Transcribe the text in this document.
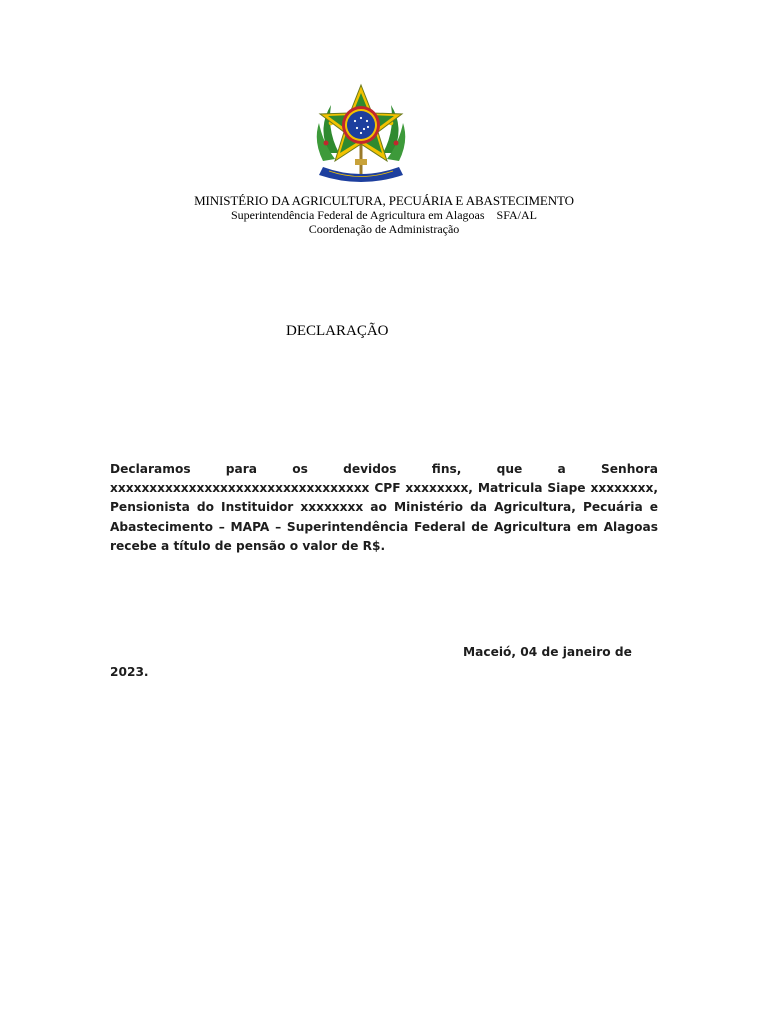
MINISTÉRIO DA AGRICULTURA, PECUÁRIA E ABASTECIMENTO
Superintendência Federal de Agricultura em Alagoas    SFA/AL
Coordenação de Administração
DECLARAÇÃO
Declaramos para os devidos fins, que a Senhora xxxxxxxxxxxxxxxxxxxxxxxxxxxxxxxxx CPF xxxxxxxx, Matricula Siape xxxxxxxx, Pensionista do Instituidor xxxxxxxx ao Ministério da Agricultura, Pecuária e Abastecimento – MAPA – Superintendência Federal de Agricultura em Alagoas recebe a título de pensão o valor de R$.
Maceió, 04 de janeiro de
2023.
